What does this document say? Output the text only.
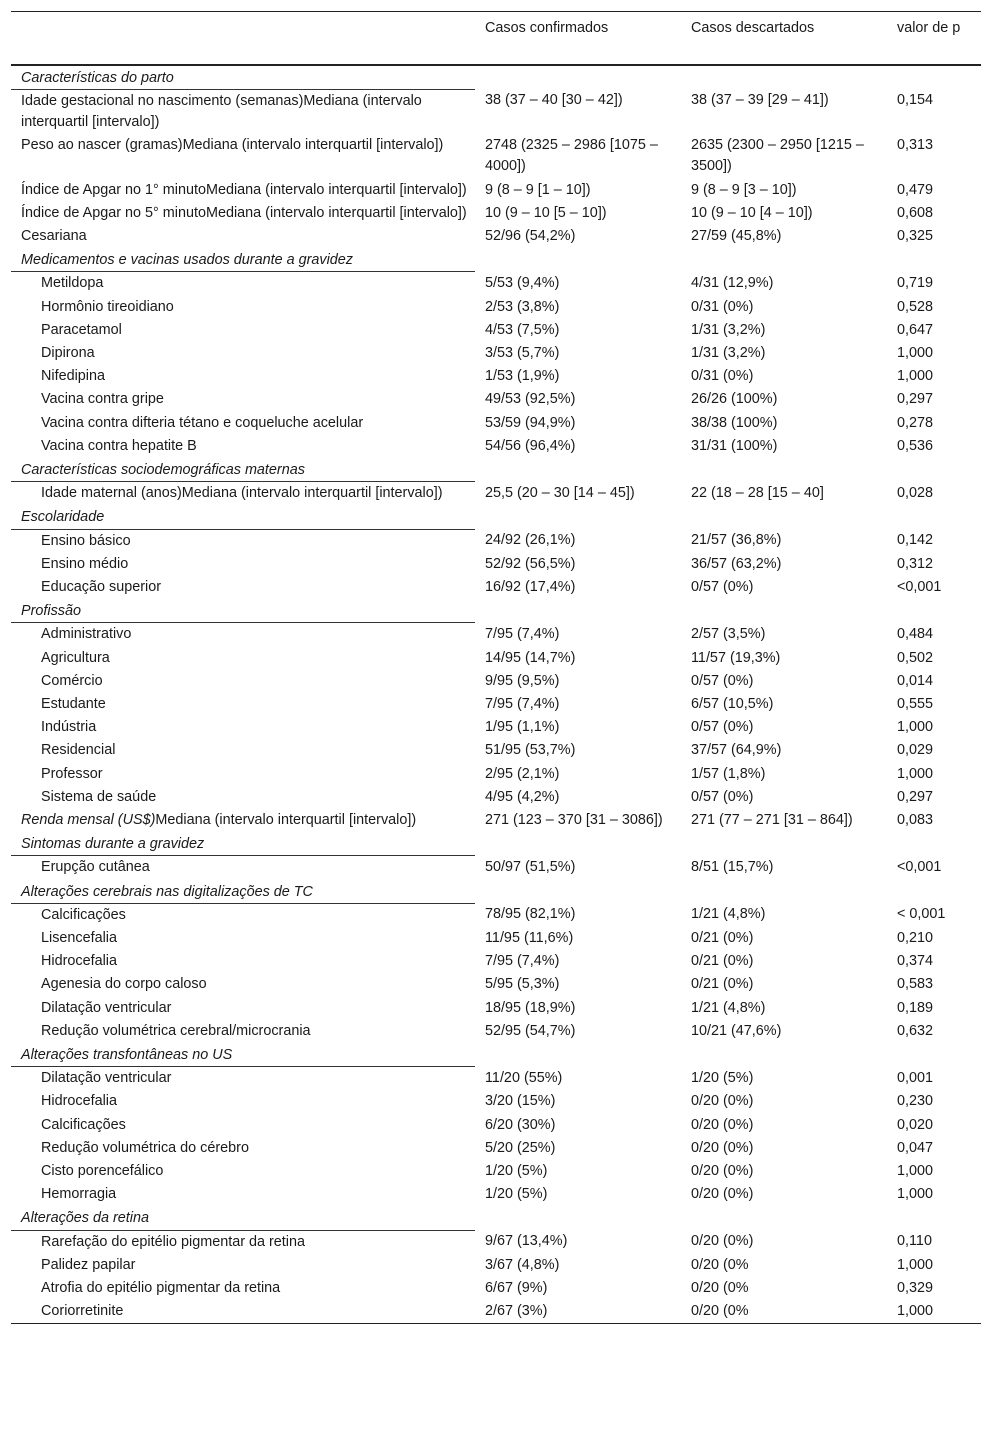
	Casos confirmados	Casos descartados	valor de p
Características do parto			
Idade gestacional no nascimento (semanas)Mediana (intervalo interquartil [intervalo])	38 (37 – 40 [30 – 42])	38 (37 – 39 [29 – 41])	0,154
Peso ao nascer (gramas)Mediana (intervalo interquartil [intervalo])	2748 (2325 – 2986 [1075 – 4000])	2635 (2300 – 2950 [1215 – 3500])	0,313
Índice de Apgar no 1° minutoMediana (intervalo interquartil [intervalo])	9 (8 – 9 [1 – 10])	9 (8 – 9 [3 – 10])	0,479
Índice de Apgar no 5° minutoMediana (intervalo interquartil [intervalo])	10 (9 – 10 [5 – 10])	10 (9 – 10 [4 – 10])	0,608
Cesariana	52/96 (54,2%)	27/59 (45,8%)	0,325
Medicamentos e vacinas usados durante a gravidez			
Metildopa	5/53 (9,4%)	4/31 (12,9%)	0,719
Hormônio tireoidiano	2/53 (3,8%)	0/31 (0%)	0,528
Paracetamol	4/53 (7,5%)	1/31 (3,2%)	0,647
Dipirona	3/53 (5,7%)	1/31 (3,2%)	1,000
Nifedipina	1/53 (1,9%)	0/31 (0%)	1,000
Vacina contra gripe	49/53 (92,5%)	26/26 (100%)	0,297
Vacina contra difteria tétano e coqueluche acelular	53/59 (94,9%)	38/38 (100%)	0,278
Vacina contra hepatite B	54/56 (96,4%)	31/31 (100%)	0,536
Características sociodemográficas maternas			
Idade maternal (anos)Mediana (intervalo interquartil [intervalo])	25,5 (20 – 30 [14 – 45])	22 (18 – 28 [15 – 40]	0,028
Escolaridade			
Ensino básico	24/92 (26,1%)	21/57 (36,8%)	0,142
Ensino médio	52/92 (56,5%)	36/57 (63,2%)	0,312
Educação superior	16/92 (17,4%)	0/57 (0%)	<0,001
Profissão			
Administrativo	7/95 (7,4%)	2/57 (3,5%)	0,484
Agricultura	14/95 (14,7%)	11/57 (19,3%)	0,502
Comércio	9/95 (9,5%)	0/57 (0%)	0,014
Estudante	7/95 (7,4%)	6/57 (10,5%)	0,555
Indústria	1/95 (1,1%)	0/57 (0%)	1,000
Residencial	51/95 (53,7%)	37/57 (64,9%)	0,029
Professor	2/95 (2,1%)	1/57 (1,8%)	1,000
Sistema de saúde	4/95 (4,2%)	0/57 (0%)	0,297
Renda mensal (US$)Mediana (intervalo interquartil [intervalo])	271 (123 – 370 [31 – 3086])	271 (77 – 271 [31 – 864])	0,083
Sintomas durante a gravidez			
Erupção cutânea	50/97 (51,5%)	8/51 (15,7%)	<0,001
Alterações cerebrais nas digitalizações de TC			
Calcificações	78/95 (82,1%)	1/21 (4,8%)	< 0,001
Lisencefalia	11/95 (11,6%)	0/21 (0%)	0,210
Hidrocefalia	7/95 (7,4%)	0/21 (0%)	0,374
Agenesia do corpo caloso	5/95 (5,3%)	0/21 (0%)	0,583
Dilatação ventricular	18/95 (18,9%)	1/21 (4,8%)	0,189
Redução volumétrica cerebral/microcrania	52/95 (54,7%)	10/21 (47,6%)	0,632
Alterações transfontâneas no US			
Dilatação ventricular	11/20 (55%)	1/20 (5%)	0,001
Hidrocefalia	3/20 (15%)	0/20 (0%)	0,230
Calcificações	6/20 (30%)	0/20 (0%)	0,020
Redução volumétrica do cérebro	5/20 (25%)	0/20 (0%)	0,047
Cisto porencefálico	1/20 (5%)	0/20 (0%)	1,000
Hemorragia	1/20 (5%)	0/20 (0%)	1,000
Alterações da retina			
Rarefação do epitélio pigmentar da retina	9/67 (13,4%)	0/20 (0%)	0,110
Palidez papilar	3/67 (4,8%)	0/20 (0%	1,000
Atrofia do epitélio pigmentar da retina	6/67 (9%)	0/20 (0%	0,329
Coriorretinite	2/67 (3%)	0/20 (0%	1,000
